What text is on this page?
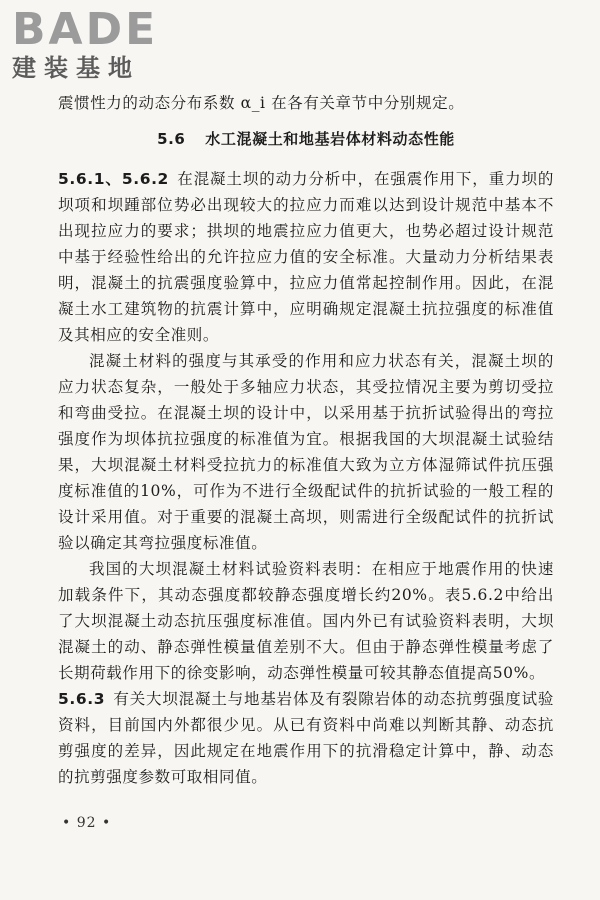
BADE
建装基地

震惯性力的动态分布系数 α_i 在各有关章节中分别规定。

5.6 水工混凝土和地基岩体材料动态性能

5.6.1、5.6.2 在混凝土坝的动力分析中，在强震作用下，重力坝的坝项和坝踵部位势必出现较大的拉应力而难以达到设计规范中基本不出现拉应力的要求；拱坝的地震拉应力值更大，也势必超过设计规范中基于经验性给出的允许拉应力值的安全标准。大量动力分析结果表明，混凝土的抗震强度验算中，拉应力值常起控制作用。因此，在混凝土水工建筑物的抗震计算中，应明确规定混凝土抗拉强度的标准值及其相应的安全准则。

混凝土材料的强度与其承受的作用和应力状态有关，混凝土坝的应力状态复杂，一般处于多轴应力状态，其受拉情况主要为剪切受拉和弯曲受拉。在混凝土坝的设计中，以采用基于抗折试验得出的弯拉强度作为坝体抗拉强度的标准值为宜。根据我国的大坝混凝土试验结果，大坝混凝土材料受拉抗力的标准值大致为立方体湿筛试件抗压强度标准值的10%，可作为不进行全级配试件的抗折试验的一般工程的设计采用值。对于重要的混凝土高坝，则需进行全级配试件的抗折试验以确定其弯拉强度标准值。

我国的大坝混凝土材料试验资料表明：在相应于地震作用的快速加载条件下，其动态强度都较静态强度增长约20%。表5.6.2中给出了大坝混凝土动态抗压强度标准值。国内外已有试验资料表明，大坝混凝土的动、静态弹性模量值差别不大。但由于静态弹性模量考虑了长期荷载作用下的徐变影响，动态弹性模量可较其静态值提高50%。

5.6.3 有关大坝混凝土与地基岩体及有裂隙岩体的动态抗剪强度试验资料，目前国内外都很少见。从已有资料中尚难以判断其静、动态抗剪强度的差异，因此规定在地震作用下的抗滑稳定计算中，静、动态的抗剪强度参数可取相同值。

• 92 •
